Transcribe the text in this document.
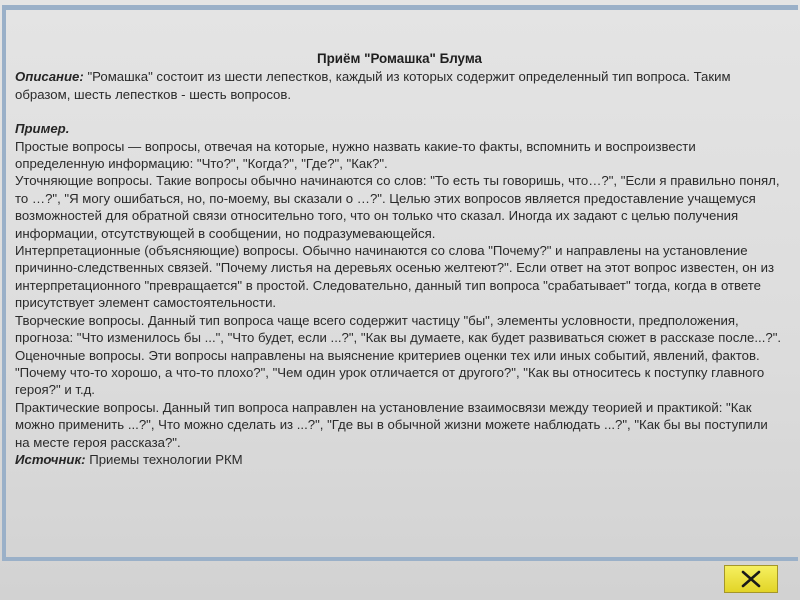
Приём "Ромашка" Блума

Описание: "Ромашка" состоит из шести лепестков, каждый из которых содержит определенный тип вопроса. Таким образом, шесть лепестков - шесть вопросов.

Пример.

Простые вопросы — вопросы, отвечая на которые, нужно назвать какие-то факты, вспомнить и воспроизвести определенную информацию: "Что?", "Когда?", "Где?", "Как?".

Уточняющие вопросы. Такие вопросы обычно начинаются со слов: "То есть ты говоришь, что…?", "Если я правильно понял, то …?", "Я могу ошибаться, но, по-моему, вы сказали о …?". Целью этих вопросов является предоставление учащемуся возможностей для обратной связи относительно того, что он только что сказал. Иногда их задают с целью получения информации, отсутствующей в сообщении, но подразумевающейся.

Интерпретационные (объясняющие) вопросы. Обычно начинаются со слова "Почему?" и направлены на установление причинно-следственных связей. "Почему листья на деревьях осенью желтеют?". Если ответ на этот вопрос известен, он из интерпретационного "превращается" в простой. Следовательно, данный тип вопроса "срабатывает" тогда, когда в ответе присутствует элемент самостоятельности.

Творческие вопросы. Данный тип вопроса чаще всего содержит частицу "бы", элементы условности, предположения, прогноза: "Что изменилось бы ...", "Что будет, если ...?", "Как вы думаете, как будет развиваться сюжет в рассказе после...?".

Оценочные вопросы. Эти вопросы направлены на выяснение критериев оценки тех или иных событий, явлений, фактов. "Почему что-то хорошо, а что-то плохо?", "Чем один урок отличается от другого?", "Как вы относитесь к поступку главного героя?" и т.д.

Практические вопросы. Данный тип вопроса направлен на установление взаимосвязи между теорией и практикой: "Как можно применить ...?", Что можно сделать из ...?", "Где вы в обычной жизни можете наблюдать ...?", "Как бы вы поступили на месте героя рассказа?".

Источник: Приемы технологии РКМ
